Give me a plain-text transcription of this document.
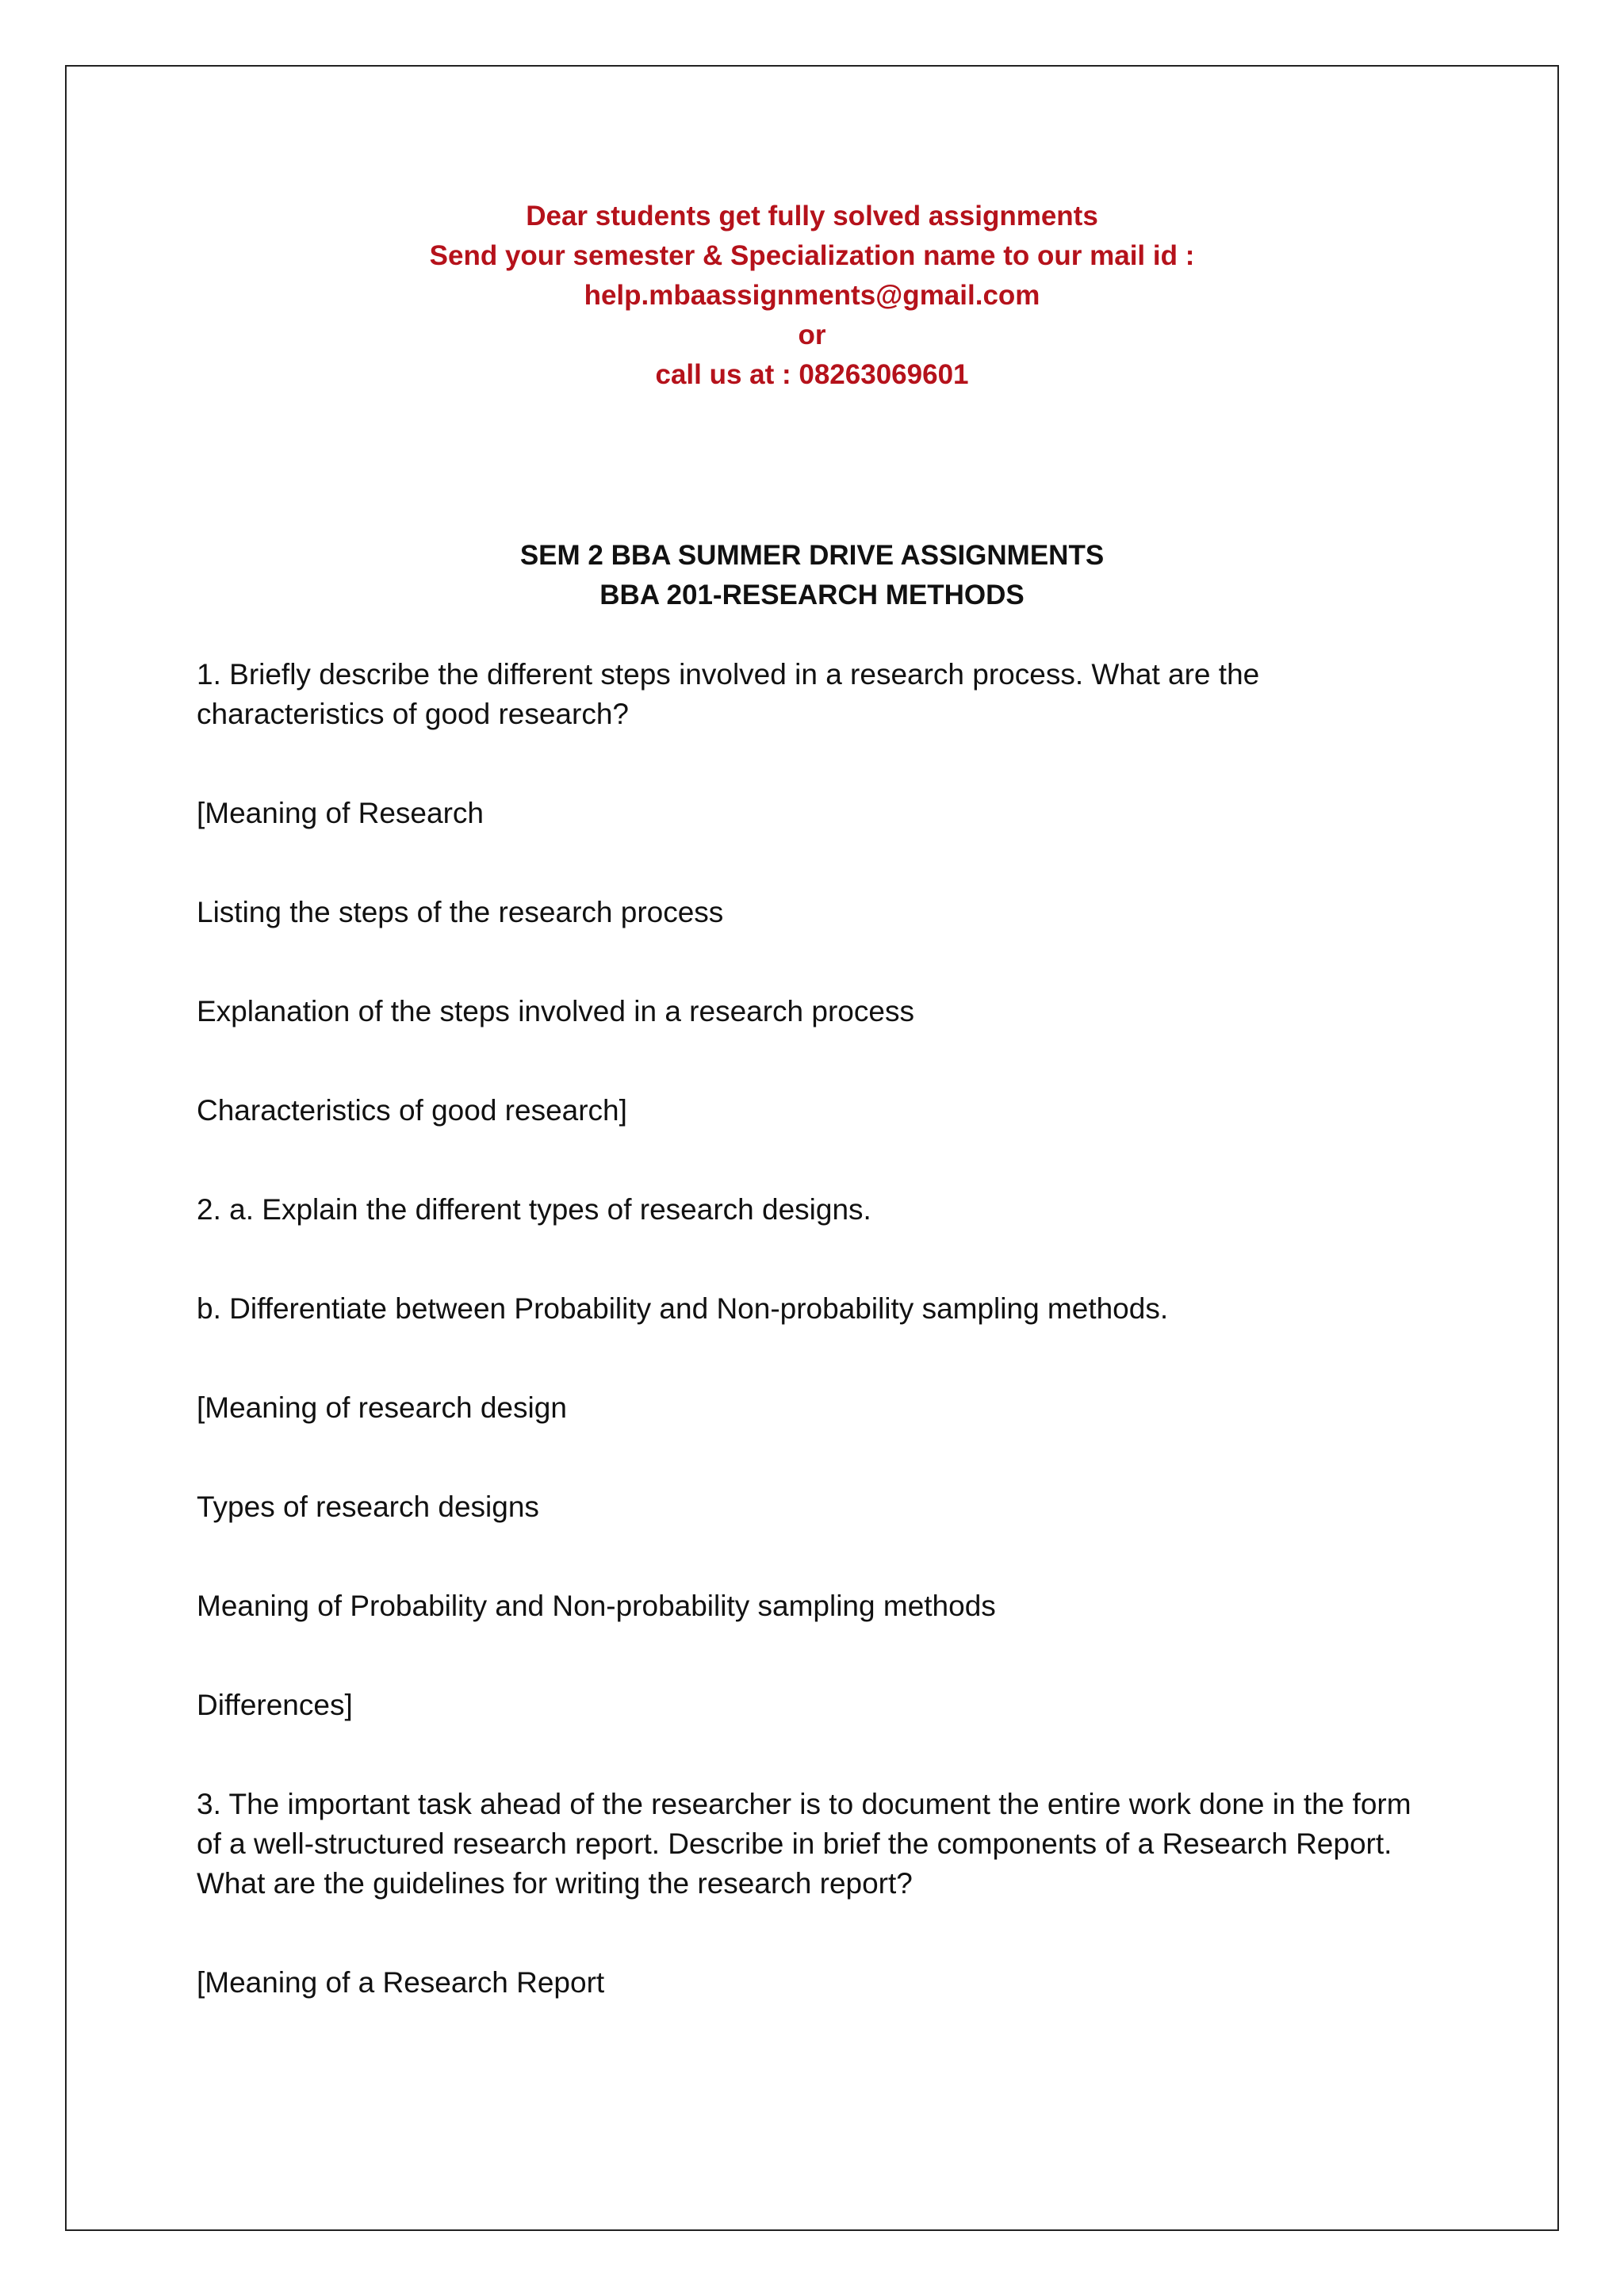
Dear students get fully solved assignments
Send your semester & Specialization name to our mail id :
help.mbaassignments@gmail.com
or
call us at : 08263069601
SEM 2 BBA SUMMER DRIVE ASSIGNMENTS
BBA 201-RESEARCH METHODS

1. Briefly describe the different steps involved in a research process. What are the characteristics of good research?

[Meaning of Research

Listing the steps of the research process

Explanation of the steps involved in a research process

Characteristics of good research]

2. a. Explain the different types of research designs.

b. Differentiate between Probability and Non-probability sampling methods.

[Meaning of research design

Types of research designs

Meaning of Probability and Non-probability sampling methods

Differences]

3. The important task ahead of the researcher is to document the entire work done in the form of a well-structured research report. Describe in brief the components of a Research Report. What are the guidelines for writing the research report?

[Meaning of a Research Report
